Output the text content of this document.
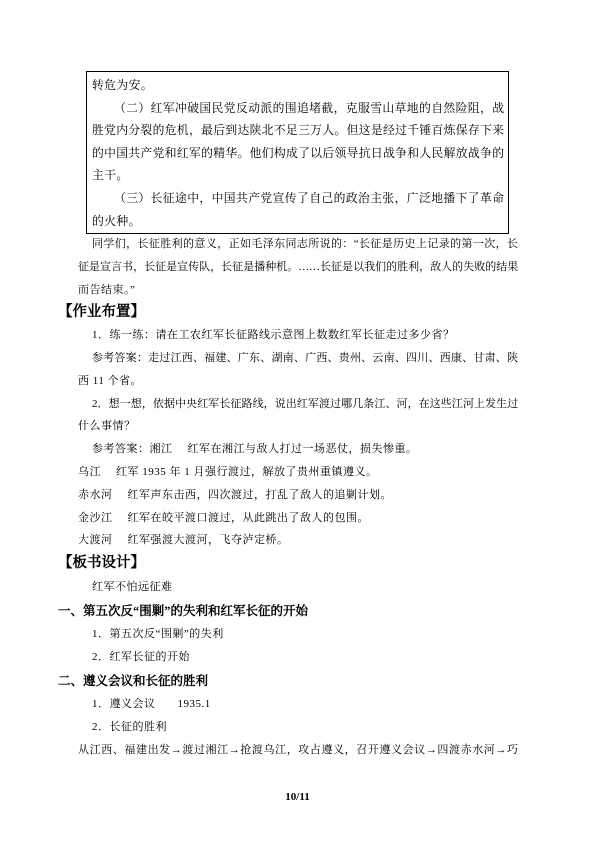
转危为安。
（二）红军冲破国民党反动派的围追堵截，克服雪山草地的自然险阻，战
胜党内分裂的危机，最后到达陕北不足三万人。但这是经过千锤百炼保存下来
的中国共产党和红军的精华。他们构成了以后领导抗日战争和人民解放战争的
主干。
（三）长征途中，中国共产党宣传了自己的政治主张，广泛地播下了革命
的火种。
同学们，长征胜利的意义，正如毛泽东同志所说的：“长征是历史上记录的第一次，长
征是宣言书，长征是宣传队，长征是播种机。……长征是以我们的胜利，敌人的失败的结果
而告结束。”
【作业布置】
1．练一练：请在工农红军长征路线示意图上数数红军长征走过多少省？
参考答案：走过江西、福建、广东、湖南、广西、贵州、云南、四川、西康、甘肃、陕
西 11 个省。
2．想一想，依据中央红军长征路线，说出红军渡过哪几条江、河，在这些江河上发生过
什么事情？
参考答案：湘江 红军在湘江与敌人打过一场恶仗，损失惨重。
乌江 红军 1935 年 1 月强行渡过，解放了贵州重镇遵义。
赤水河 红军声东击西，四次渡过，打乱了敌人的追剿计划。
金沙江 红军在皎平渡口渡过，从此跳出了敌人的包围。
大渡河 红军强渡大渡河，飞夺泸定桥。
【板书设计】
红军不怕远征难
一、第五次反“围剿”的失利和红军长征的开始
1．第五次反“围剿”的失利
2．红军长征的开始
二、遵义会议和长征的胜利
1．遵义会议 1935.1
2．长征的胜利
从江西、福建出发→渡过湘江→抢渡乌江，攻占遵义，召开遵义会议→四渡赤水河→巧
10/11
